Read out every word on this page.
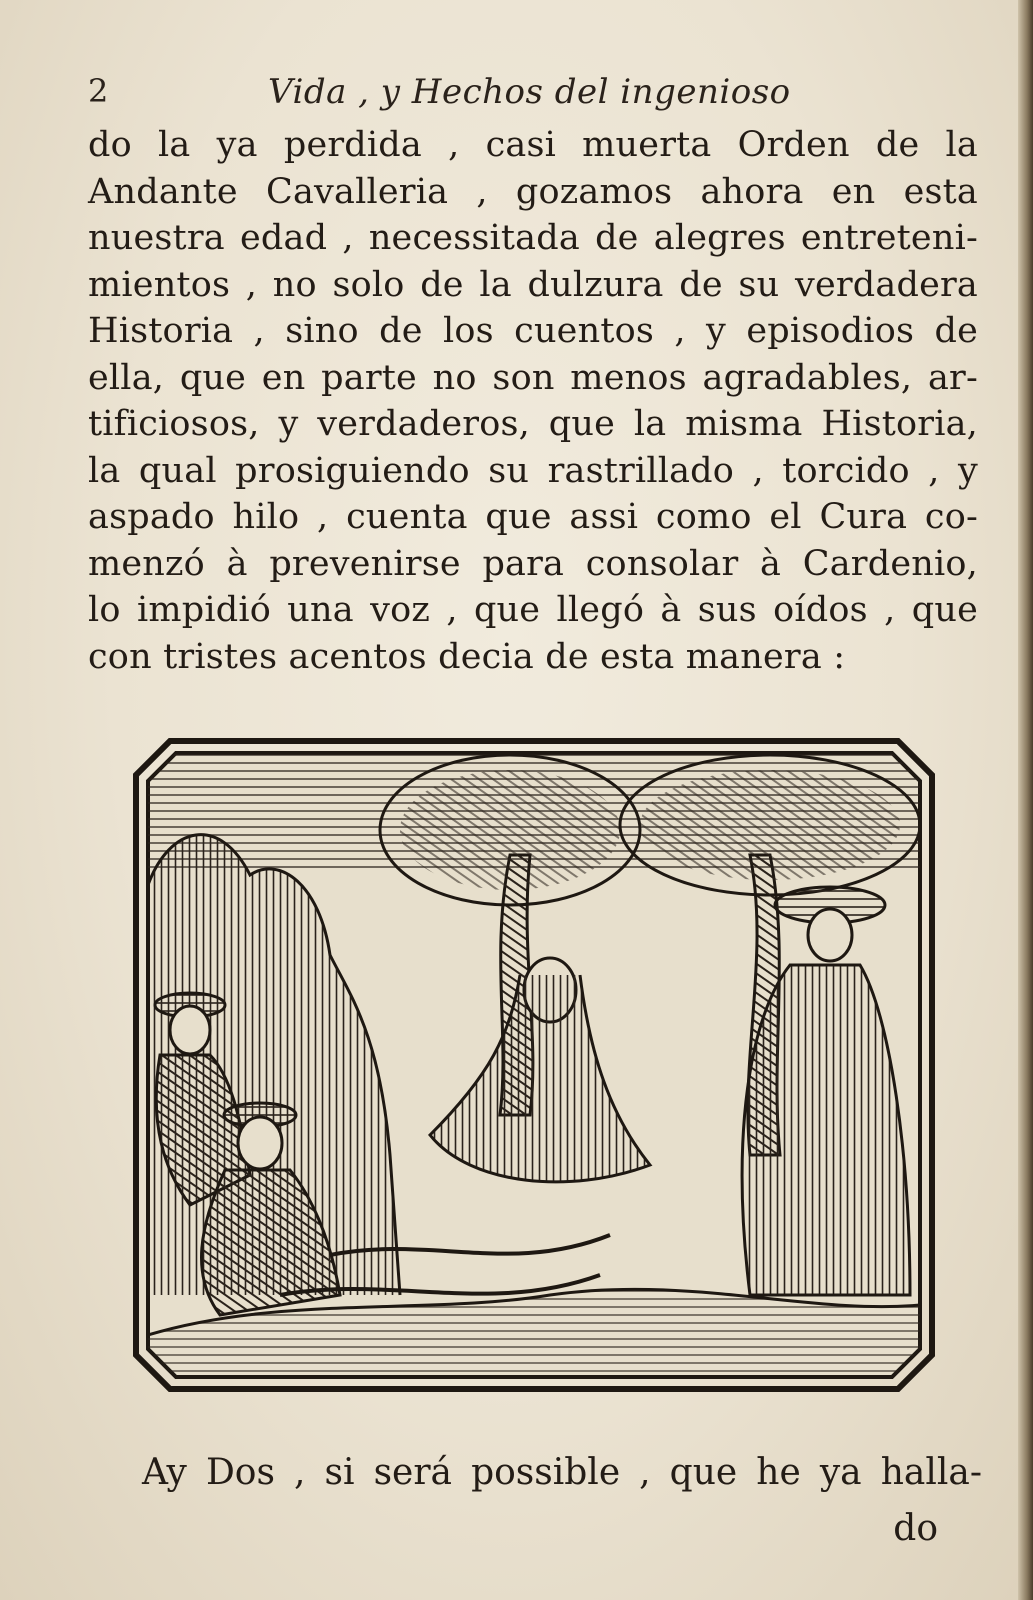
2	Vida , y Hechos del ingenioso
do la ya perdida , casi muerta Orden de la
Andante Cavalleria , gozamos ahora en esta
nuestra edad , necessitada de alegres entreteni-
mientos , no solo de la dulzura de su verdadera
Historia , sino de los cuentos , y episodios de
ella, que en parte no son menos agradables, ar-
tificiosos, y verdaderos, que la misma Historia,
la qual prosiguiendo su rastrillado , torcido , y
aspado hilo , cuenta que assi como el Cura co-
menzó à prevenirse para consolar à Cardenio,
lo impidió una voz , que llegó à sus oídos , que
con tristes acentos decia de esta manera :
Ay Dos , si será possible , que he ya halla-
do
